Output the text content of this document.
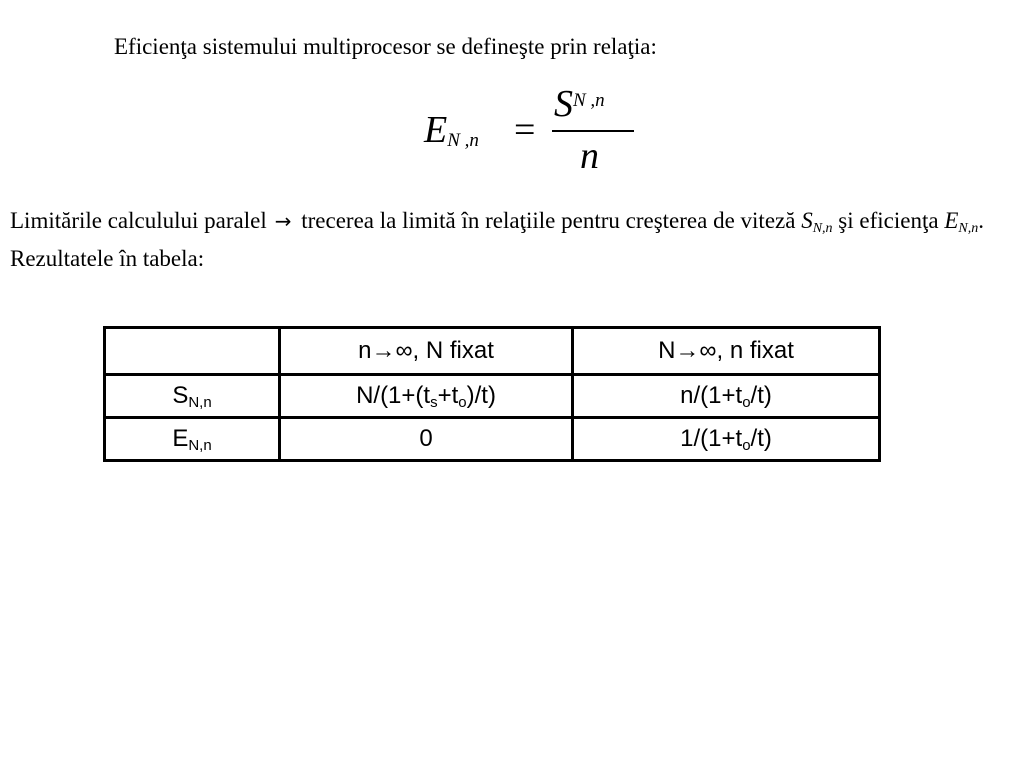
Eficienţa sistemului multiprocesor se defineşte prin relaţia:
$E_{N ,n}$ =
$S_{N ,n}$
n
Limitările calculului paralel → trecerea la limită în relaţiile pentru creşterea de viteză $S_{N,n}$ şi eficienţa $E_{N,n}$. Rezultatele în tabela:
	n→∞, N fixat	N→∞, n fixat
$S_{N,n}$	$N/(1+(t_s+t_o)/t)$	$n/(1+t_o/t)$
$E_{N,n}$	0	$1/(1+t_o/t)$
